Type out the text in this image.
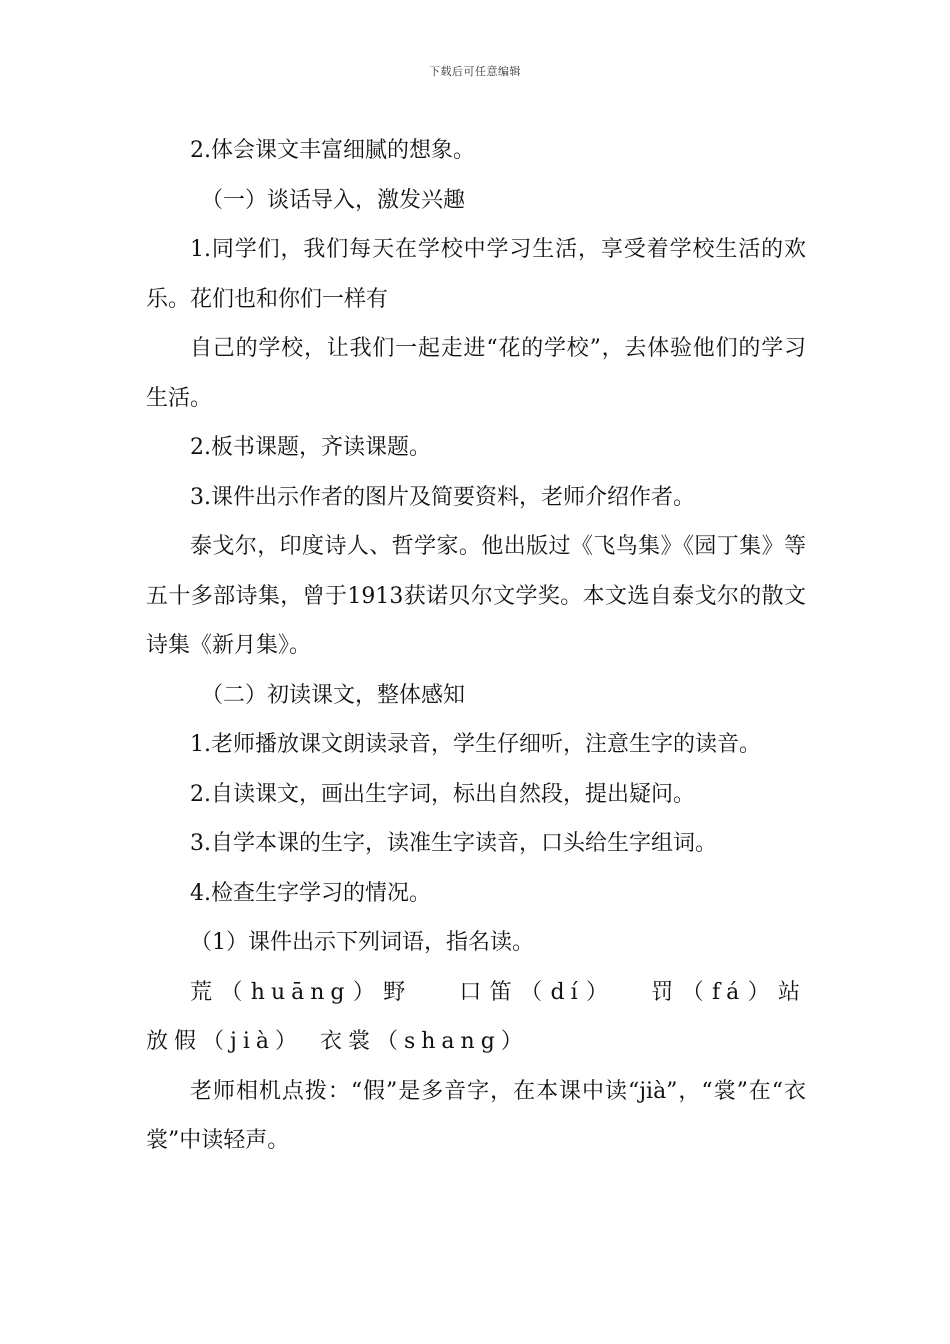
下载后可任意编辑

2.体会课文丰富细腻的想象。

（一）谈话导入，激发兴趣

1.同学们，我们每天在学校中学习生活，享受着学校生活的欢乐。花们也和你们一样有

自己的学校，让我们一起走进“花的学校”，去体验他们的学习生活。

2.板书课题，齐读课题。

3.课件出示作者的图片及简要资料，老师介绍作者。

泰戈尔，印度诗人、哲学家。他出版过《飞鸟集》《园丁集》等五十多部诗集，曾于1913获诺贝尔文学奖。本文选自泰戈尔的散文诗集《新月集》。

（二）初读课文，整体感知

1.老师播放课文朗读录音，学生仔细听，注意生字的读音。

2.自读课文，画出生字词，标出自然段，提出疑问。

3.自学本课的生字，读准生字读音，口头给生字组词。

4.检查生字学习的情况。

（1）课件出示下列词语，指名读。

荒（huāng）野　 口笛（dí）　 罚（fá）站　 放假（jià）　衣裳（shang）

老师相机点拨：“假”是多音字，在本课中读“jià”，“裳”在“衣裳”中读轻声。
